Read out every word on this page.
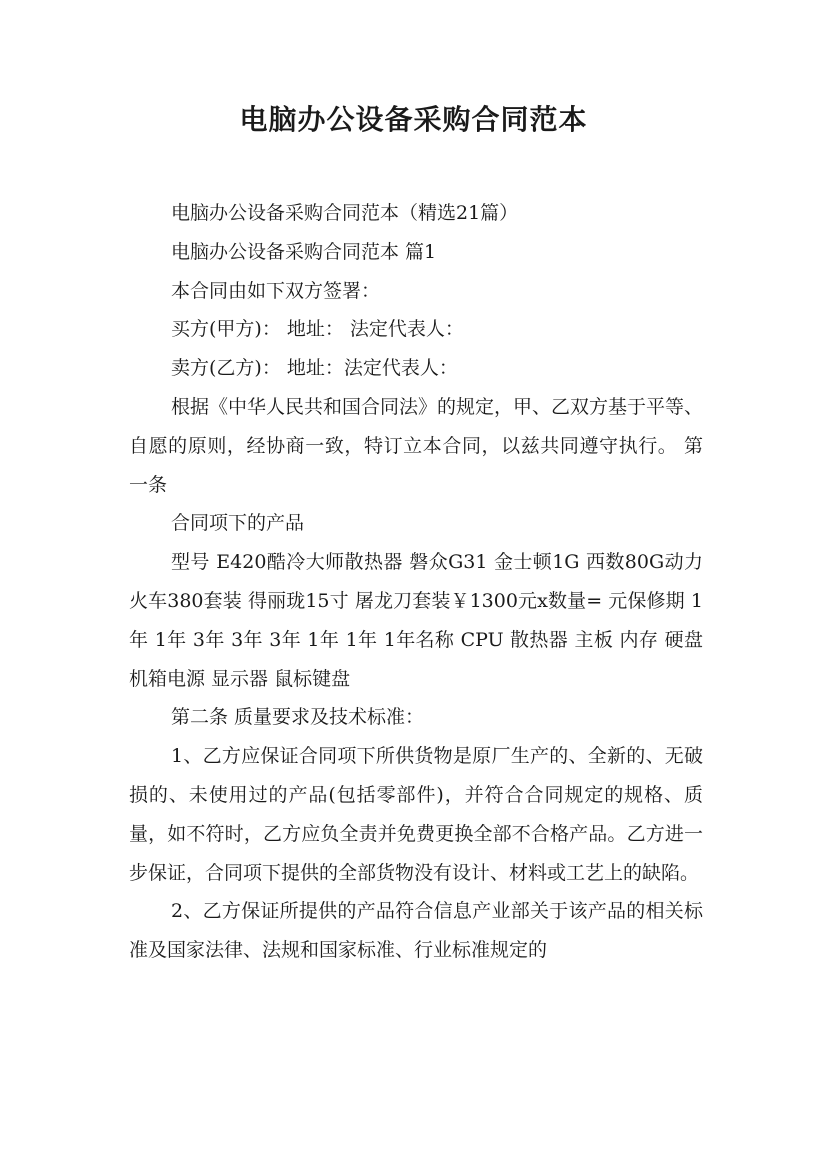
电脑办公设备采购合同范本

电脑办公设备采购合同范本（精选21篇）

电脑办公设备采购合同范本 篇1

本合同由如下双方签署：

买方(甲方)： 地址： 法定代表人：

卖方(乙方)： 地址：法定代表人：

根据《中华人民共和国合同法》的规定，甲、乙双方基于平等、自愿的原则，经协商一致，特订立本合同，以兹共同遵守执行。 第一条

合同项下的产品

型号 E420酷冷大师散热器 磐众G31 金士顿1G 西数80G动力火车380套装 得丽珑15寸 屠龙刀套装￥1300元x数量= 元保修期 1年 1年 3年 3年 3年 1年 1年 1年名称 CPU 散热器 主板 内存 硬盘 机箱电源 显示器 鼠标键盘

第二条 质量要求及技术标准：

1、乙方应保证合同项下所供货物是原厂生产的、全新的、无破损的、未使用过的产品(包括零部件)，并符合合同规定的规格、质量，如不符时，乙方应负全责并免费更换全部不合格产品。乙方进一步保证，合同项下提供的全部货物没有设计、材料或工艺上的缺陷。

2、乙方保证所提供的产品符合信息产业部关于该产品的相关标准及国家法律、法规和国家标准、行业标准规定的
